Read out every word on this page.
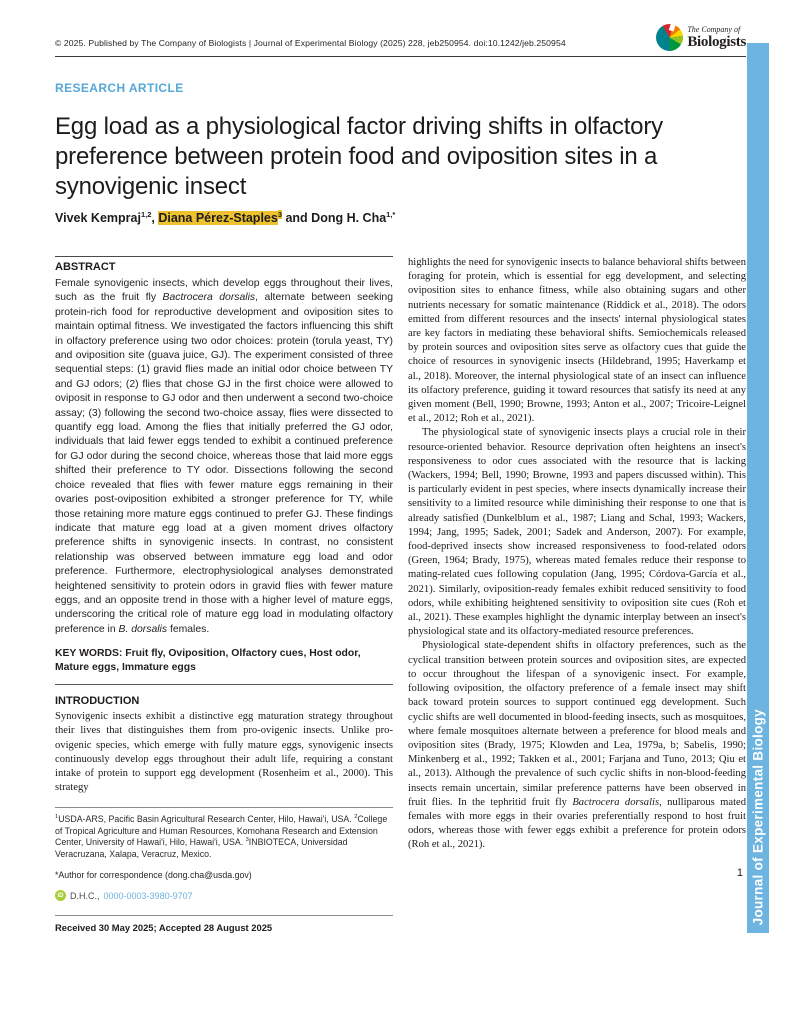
Journal of Experimental Biology
© 2025. Published by The Company of Biologists | Journal of Experimental Biology (2025) 228, jeb250954. doi:10.1242/jeb.250954
The Company of
Biologists
RESEARCH ARTICLE
Egg load as a physiological factor driving shifts in olfactory preference between protein food and oviposition sites in a synovigenic insect
Vivek Kempraj$^{1,2}$, Diana Pérez-Staples$^3$ and Dong H. Cha$^{1,*}$
ABSTRACT

Female synovigenic insects, which develop eggs throughout their lives, such as the fruit fly Bactrocera dorsalis, alternate between seeking protein-rich food for reproductive development and oviposition sites to maintain optimal fitness. We investigated the factors influencing this shift in olfactory preference using two odor choices: protein (torula yeast, TY) and oviposition site (guava juice, GJ). The experiment consisted of three sequential steps: (1) gravid flies made an initial odor choice between TY and GJ odors; (2) flies that chose GJ in the first choice were allowed to oviposit in response to GJ odor and then underwent a second two-choice assay; (3) following the second two-choice assay, flies were dissected to quantify egg load. Among the flies that initially preferred the GJ odor, individuals that laid fewer eggs tended to exhibit a continued preference for GJ odor during the second choice, whereas those that laid more eggs shifted their preference to TY odor. Dissections following the second choice revealed that flies with fewer mature eggs remaining in their ovaries post-oviposition exhibited a stronger preference for TY, while those retaining more mature eggs continued to prefer GJ. These findings indicate that mature egg load at a given moment drives olfactory preference shifts in synovigenic insects. In contrast, no consistent relationship was observed between immature egg load and odor preference. Furthermore, electrophysiological analyses demonstrated heightened sensitivity to protein odors in gravid flies with fewer mature eggs, and an opposite trend in those with a higher level of mature eggs, underscoring the critical role of mature egg load in modulating olfactory preference in B. dorsalis females.

KEY WORDS: Fruit fly, Oviposition, Olfactory cues, Host odor, Mature eggs, Immature eggs

INTRODUCTION

Synovigenic insects exhibit a distinctive egg maturation strategy throughout their lives that distinguishes them from pro-ovigenic insects. Unlike pro-ovigenic species, which emerge with fully mature eggs, synovigenic insects continuously develop eggs throughout their adult life, requiring a constant intake of protein to support egg development (Rosenheim et al., 2000). This strategy

$^1$USDA-ARS, Pacific Basin Agricultural Research Center, Hilo, Hawai'i, USA. $^2$College of Tropical Agriculture and Human Resources, Komohana Research and Extension Center, University of Hawai'i, Hilo, Hawai'i, USA. $^3$INBIOTECA, Universidad Veracruzana, Xalapa, Veracruz, Mexico.
*Author for correspondence (dong.cha@usda.gov)
iD D.H.C., 0000-0003-3980-9707
Received 30 May 2025; Accepted 28 August 2025

highlights the need for synovigenic insects to balance behavioral shifts between foraging for protein, which is essential for egg development, and selecting oviposition sites to enhance fitness, while also obtaining sugars and other nutrients necessary for somatic maintenance (Riddick et al., 2018). The odors emitted from different resources and the insects' internal physiological states are key factors in mediating these behavioral shifts. Semiochemicals released by protein sources and oviposition sites serve as olfactory cues that guide the choice of resources in synovigenic insects (Hildebrand, 1995; Haverkamp et al., 2018). Moreover, the internal physiological state of an insect can influence its olfactory preference, guiding it toward resources that satisfy its need at any given moment (Bell, 1990; Browne, 1993; Anton et al., 2007; Tricoire-Leignel et al., 2012; Roh et al., 2021).

The physiological state of synovigenic insects plays a crucial role in their resource-oriented behavior. Resource deprivation often heightens an insect's responsiveness to odor cues associated with the resource that is lacking (Wackers, 1994; Bell, 1990; Browne, 1993 and papers discussed within). This is particularly evident in pest species, where insects dynamically increase their sensitivity to a limited resource while diminishing their response to one that is already satisfied (Dunkelblum et al., 1987; Liang and Schal, 1993; Wackers, 1994; Jang, 1995; Sadek, 2001; Sadek and Anderson, 2007). For example, food-deprived insects show increased responsiveness to food-related odors (Green, 1964; Brady, 1975), whereas mated females reduce their response to mating-related cues following copulation (Jang, 1995; Córdova-García et al., 2021). Similarly, oviposition-ready females exhibit reduced sensitivity to food odors, while exhibiting heightened sensitivity to oviposition site cues (Roh et al., 2021). These examples highlight the dynamic interplay between an insect's physiological state and its olfactory-mediated resource preferences.

Physiological state-dependent shifts in olfactory preferences, such as the cyclical transition between protein sources and oviposition sites, are expected to occur throughout the lifespan of a synovigenic insect. For example, following oviposition, the olfactory preference of a female insect may shift back toward protein sources to support continued egg development. Such cyclic shifts are well documented in blood-feeding insects, such as mosquitoes, where female mosquitoes alternate between a preference for blood meals and oviposition sites (Brady, 1975; Klowden and Lea, 1979a, b; Sabelis, 1990; Minkenberg et al., 1992; Takken et al., 2001; Farjana and Tuno, 2013; Qiu et al., 2013). Although the prevalence of such cyclic shifts in non-blood-feeding insects remain uncertain, similar preference patterns have been observed in fruit flies. In the tephritid fruit fly Bactrocera dorsalis, nulliparous mated females with more eggs in their ovaries preferentially respond to host fruit odors, whereas those with fewer eggs exhibit a preference for protein odors (Roh et al., 2021).

1
